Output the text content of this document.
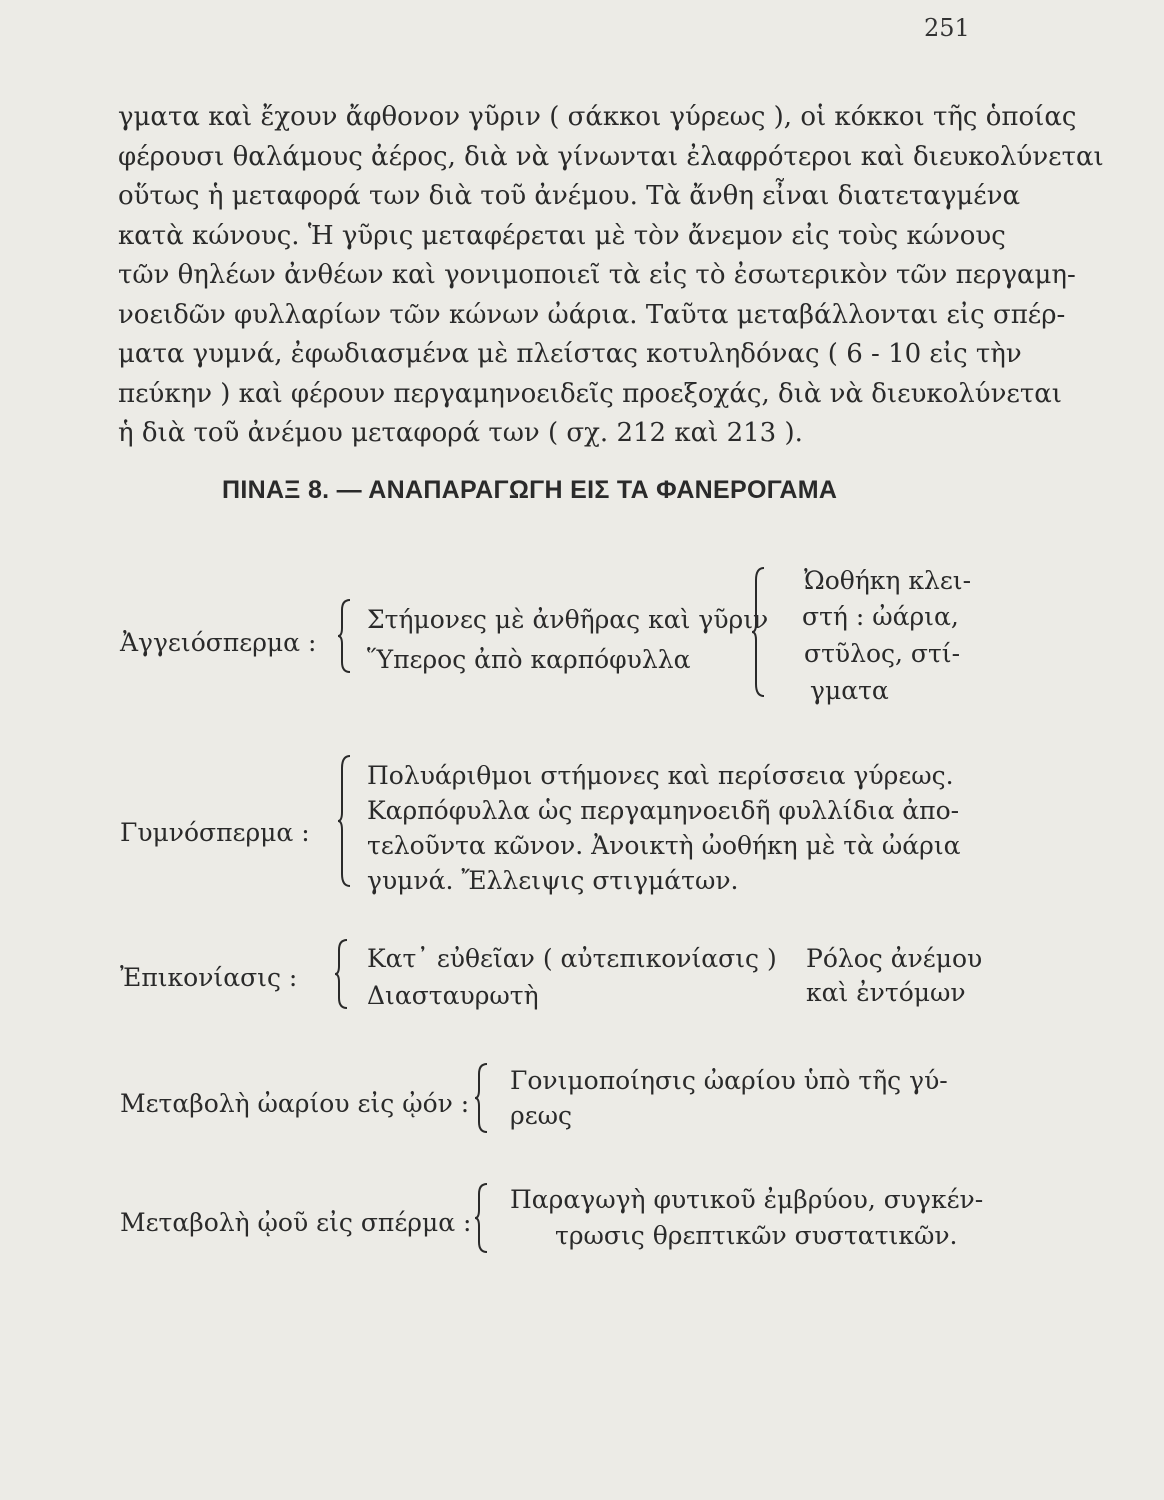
251
γματα καὶ ἔχουν ἄφθονον γῦριν ( σάκκοι γύρεως ), οἱ κόκκοι τῆς ὁποίας
φέρουσι θαλάμους ἀέρος, διὰ νὰ γίνωνται ἐλαφρότεροι καὶ διευκολύνεται
οὕτως ἡ μεταφορά των διὰ τοῦ ἀνέμου. Τὰ ἄνθη εἶναι διατεταγμένα
κατὰ κώνους. Ἡ γῦρις μεταφέρεται μὲ τὸν ἄνεμον εἰς τοὺς κώνους
τῶν θηλέων ἀνθέων καὶ γονιμοποιεῖ τὰ εἰς τὸ ἐσωτερικὸν τῶν περγαμη-
νοειδῶν φυλλαρίων τῶν κώνων ὠάρια. Ταῦτα μεταβάλλονται εἰς σπέρ-
ματα γυμνά, ἐφωδιασμένα μὲ πλείστας κοτυληδόνας ( 6 - 10 εἰς τὴν
πεύκην ) καὶ φέρουν περγαμηνοειδεῖς προεξοχάς, διὰ νὰ διευκολύνεται
ἡ διὰ τοῦ ἀνέμου μεταφορά των ( σχ. 212 καὶ 213 ).
ΠΙΝΑΞ 8. — ΑΝΑΠΑΡΑΓΩΓΗ ΕΙΣ ΤΑ ΦΑΝΕΡΟΓΑΜΑ
Ἀγγειόσπερμα :
Στήμονες μὲ ἀνθῆρας καὶ γῦριν
Ὕπερος ἀπὸ καρπόφυλλα
Ὠοθήκη κλει-
στή : ὠάρια,
στῦλος, στί-
γματα
Γυμνόσπερμα :
Πολυάριθμοι στήμονες καὶ περίσσεια γύρεως.
Καρπόφυλλα ὡς περγαμηνοειδῆ φυλλίδια ἀπο-
τελοῦντα κῶνον. Ἀνοικτὴ ὠοθήκη μὲ τὰ ὠάρια
γυμνά. Ἔλλειψις στιγμάτων.
Ἐπικονίασις :
Κατ᾽ εὐθεῖαν ( αὐτεπικονίασις )
Διασταυρωτὴ
Ρόλος ἀνέμου
καὶ ἐντόμων
Μεταβολὴ ὠαρίου εἰς ᾠόν :
Γονιμοποίησις ὠαρίου ὑπὸ τῆς γύ-
ρεως
Μεταβολὴ ᾠοῦ εἰς σπέρμα :
Παραγωγὴ φυτικοῦ ἐμβρύου, συγκέν-
τρωσις θρεπτικῶν συστατικῶν.
